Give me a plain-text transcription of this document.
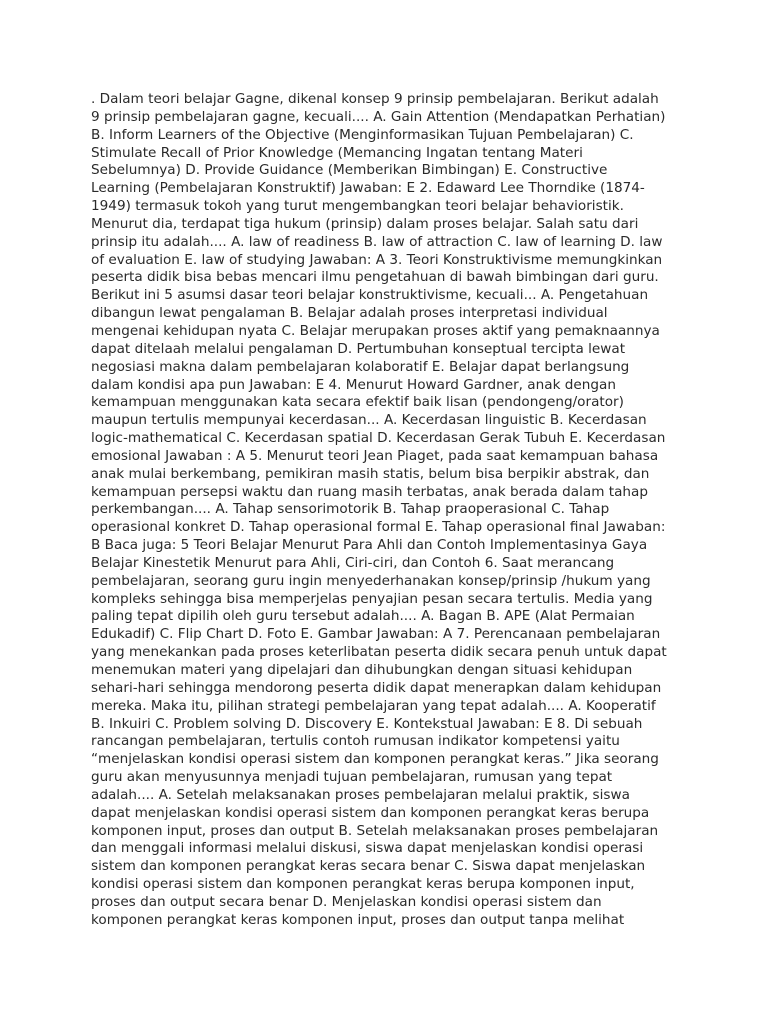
. Dalam teori belajar Gagne, dikenal konsep 9 prinsip pembelajaran. Berikut adalah
9 prinsip pembelajaran gagne, kecuali.... A. Gain Attention (Mendapatkan Perhatian)
B. Inform Learners of the Objective (Menginformasikan Tujuan Pembelajaran) C.
Stimulate Recall of Prior Knowledge (Memancing Ingatan tentang Materi
Sebelumnya) D. Provide Guidance (Memberikan Bimbingan) E. Constructive
Learning (Pembelajaran Konstruktif) Jawaban: E 2. Edaward Lee Thorndike (1874-
1949) termasuk tokoh yang turut mengembangkan teori belajar behavioristik.
Menurut dia, terdapat tiga hukum (prinsip) dalam proses belajar. Salah satu dari
prinsip itu adalah.... A. law of readiness B. law of attraction C. law of learning D. law
of evaluation E. law of studying Jawaban: A 3. Teori Konstruktivisme memungkinkan
peserta didik bisa bebas mencari ilmu pengetahuan di bawah bimbingan dari guru.
Berikut ini 5 asumsi dasar teori belajar konstruktivisme, kecuali... A. Pengetahuan
dibangun lewat pengalaman B. Belajar adalah proses interpretasi individual
mengenai kehidupan nyata C. Belajar merupakan proses aktif yang pemaknaannya
dapat ditelaah melalui pengalaman D. Pertumbuhan konseptual tercipta lewat
negosiasi makna dalam pembelajaran kolaboratif E. Belajar dapat berlangsung
dalam kondisi apa pun Jawaban: E 4. Menurut Howard Gardner, anak dengan
kemampuan menggunakan kata secara efektif baik lisan (pendongeng/orator)
maupun tertulis mempunyai kecerdasan... A. Kecerdasan linguistic B. Kecerdasan
logic-mathematical C. Kecerdasan spatial D. Kecerdasan Gerak Tubuh E. Kecerdasan
emosional Jawaban : A 5. Menurut teori Jean Piaget, pada saat kemampuan bahasa
anak mulai berkembang, pemikiran masih statis, belum bisa berpikir abstrak, dan
kemampuan persepsi waktu dan ruang masih terbatas, anak berada dalam tahap
perkembangan.... A. Tahap sensorimotorik B. Tahap praoperasional C. Tahap
operasional konkret D. Tahap operasional formal E. Tahap operasional final Jawaban:
B Baca juga: 5 Teori Belajar Menurut Para Ahli dan Contoh Implementasinya Gaya
Belajar Kinestetik Menurut para Ahli, Ciri-ciri, dan Contoh 6. Saat merancang
pembelajaran, seorang guru ingin menyederhanakan konsep/prinsip /hukum yang
kompleks sehingga bisa memperjelas penyajian pesan secara tertulis. Media yang
paling tepat dipilih oleh guru tersebut adalah.... A. Bagan B. APE (Alat Permaian
Edukadif) C. Flip Chart D. Foto E. Gambar Jawaban: A 7. Perencanaan pembelajaran
yang menekankan pada proses keterlibatan peserta didik secara penuh untuk dapat
menemukan materi yang dipelajari dan dihubungkan dengan situasi kehidupan
sehari-hari sehingga mendorong peserta didik dapat menerapkan dalam kehidupan
mereka. Maka itu, pilihan strategi pembelajaran yang tepat adalah.... A. Kooperatif
B. Inkuiri C. Problem solving D. Discovery E. Kontekstual Jawaban: E 8. Di sebuah
rancangan pembelajaran, tertulis contoh rumusan indikator kompetensi yaitu
“menjelaskan kondisi operasi sistem dan komponen perangkat keras.” Jika seorang
guru akan menyusunnya menjadi tujuan pembelajaran, rumusan yang tepat
adalah.... A. Setelah melaksanakan proses pembelajaran melalui praktik, siswa
dapat menjelaskan kondisi operasi sistem dan komponen perangkat keras berupa
komponen input, proses dan output B. Setelah melaksanakan proses pembelajaran
dan menggali informasi melalui diskusi, siswa dapat menjelaskan kondisi operasi
sistem dan komponen perangkat keras secara benar C. Siswa dapat menjelaskan
kondisi operasi sistem dan komponen perangkat keras berupa komponen input,
proses dan output secara benar D. Menjelaskan kondisi operasi sistem dan
komponen perangkat keras komponen input, proses dan output tanpa melihat
